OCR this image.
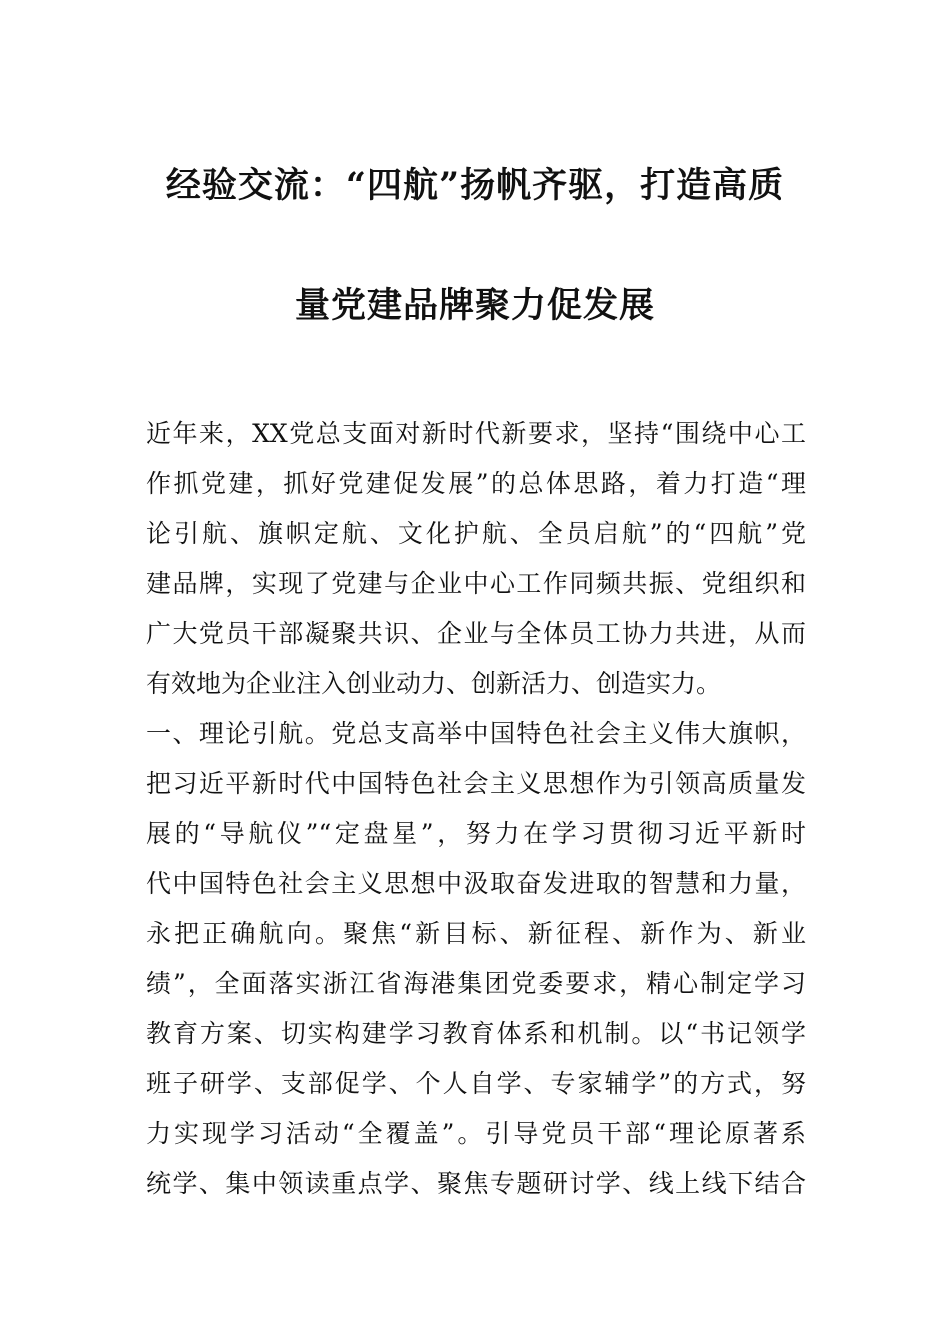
经验交流：“四航”扬帆齐驱，打造高质
量党建品牌聚力促发展
近年来，XX党总支面对新时代新要求，坚持“围绕中心工
作抓党建，抓好党建促发展”的总体思路，着力打造“理
论引航、旗帜定航、文化护航、全员启航”的“四航”党
建品牌，实现了党建与企业中心工作同频共振、党组织和
广大党员干部凝聚共识、企业与全体员工协力共进，从而
有效地为企业注入创业动力、创新活力、创造实力。
一、理论引航。党总支高举中国特色社会主义伟大旗帜，
把习近平新时代中国特色社会主义思想作为引领高质量发
展的“导航仪”“定盘星”，努力在学习贯彻习近平新时
代中国特色社会主义思想中汲取奋发进取的智慧和力量，
永把正确航向。聚焦“新目标、新征程、新作为、新业
绩”，全面落实浙江省海港集团党委要求，精心制定学习
教育方案、切实构建学习教育体系和机制。以“书记领学
班子研学、支部促学、个人自学、专家辅学”的方式，努
力实现学习活动“全覆盖”。引导党员干部“理论原著系
统学、集中领读重点学、聚焦专题研讨学、线上线下结合
